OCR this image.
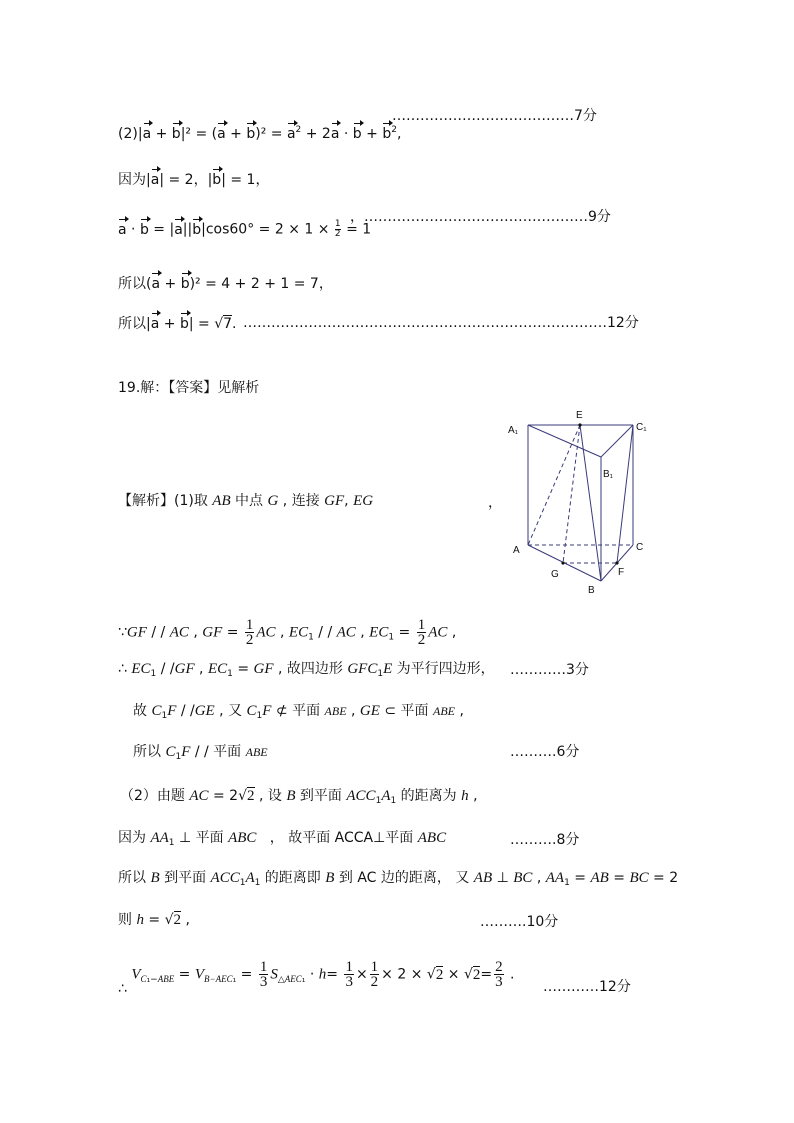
$(2)|a + b|^2 = (a + b)^2 = a^2 + 2a \cdot b + b^2$,
…………………………………7分
因为|a| = 2，|b| = 1，
$a \cdot b = |a||b|\cos 60^\circ = 2 \times 1 \times \frac{1}{2} = 1$
，…………………………………………9分
所以(a + b)² = 4 + 2 + 1 = 7，
所以|a + b| = √7. ……………………………………………………………………12分
19.解：【答案】见解析
【解析】(1)取 AB 中点 G , 连接 GF, EG	，
A₁
E
C₁
B₁
A	C
G	F
B
∵GF / / AC , GF = $\frac{1}{2}$ AC , $EC_1$ / / AC , $EC_1 = \frac{1}{2}$ AC ,
∴ $EC_1 / /GF$ , $EC_1$ = GF , 故四边形 $GFC_1E$ 为平行四边形， …………3分
故 $C_1F / /GE$ , 又 $C_1F$ ⊄ 平面 ABE , GE ⊂ 平面 ABE ,
所以 $C_1F$ / / 平面 ABE	……….6分
（2）由题 AC = 2√2 , 设 B 到平面 $ACC_1A_1$ 的距离为 h ,
因为 $AA_1$ ⊥ 平面 ABC   ， 故平面 ACCA⊥平面 ABC	……….8分
所以 B 到平面 $ACC_1A_1$ 的距离即 B 到 AC 边的距离， 又 AB ⊥ BC , $AA_1$ = AB = BC = 2
则 h = √2 ,	……….10分
∴ $V_{C_1-ABE} = V_{B-AEC_1} = \frac{1}{3} S_{\triangle AEC_1} \cdot h= \frac{1}{3} \times \frac{1}{2} \times 2 \times √2 \times √2= \frac{2}{3}$ .
…………12分
